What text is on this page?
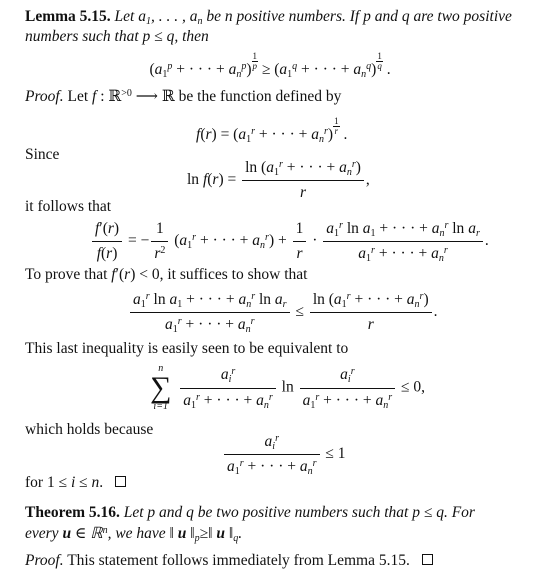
Lemma 5.15. Let $a_1$, . . . , $a_n$ be n positive numbers. If p and q are two positive
numbers such that p ≤ q, then
($a_1^p$ + · · · + $a_n^p) \frac{1}{p} \ge (a_1^q$ + · · · + $a_n^q) \frac{1}{q}$ .
Proof. Let f : ℝ$^{>0}$ ⟶ ℝ be the function defined by
$f(r) = (a_1^r$ + · · · + $a_n^r) \frac{1}{r}$ .
Since
ln f(r) =
$\ln (a_1^r$ + · · · + $a_n^r$)
r
,
it follows that
$\frac{f'(r)}{f(r)}$ = − $\frac{1}{r^2} (a_1^r$ + · · · + $a_n^r) + \frac{1}{r}$ ·
$a_1^r$ $\ln a_1$ + · · · + $a_n^r$ $\ln a_r$
$a_1^r$ + · · · + $a_n^r$
.
To prove that f′(r) < 0, it suffices to show that
$a_1^r$ $\ln a_1$ + · · · + $a_n^r$ $\ln a_r$
$a_1^r$ + · · · + $a_n^r$
≤
$\ln (a_1^r$ + · · · + $a_n^r$)
r
.
This last inequality is easily seen to be equivalent to
n
∑
i=1

$a_i^r$
$a_1^r$ + · · · + $a_n^r$
ln
$a_i^r$
$a_1^r$ + · · · + $a_n^r$
≤ 0,
which holds because
$a_i^r$
$a_1^r$ + · · · + $a_n^r$
≤ 1
for 1 ≤ i ≤ n.
Theorem 5.16. Let p and q be two positive numbers such that p ≤ q. For
every u ∈ ℝ$^n$, we have ‖ u $‖_p\ge‖$ u $‖_q$.
Proof. This statement follows immediately from Lemma 5.15.
